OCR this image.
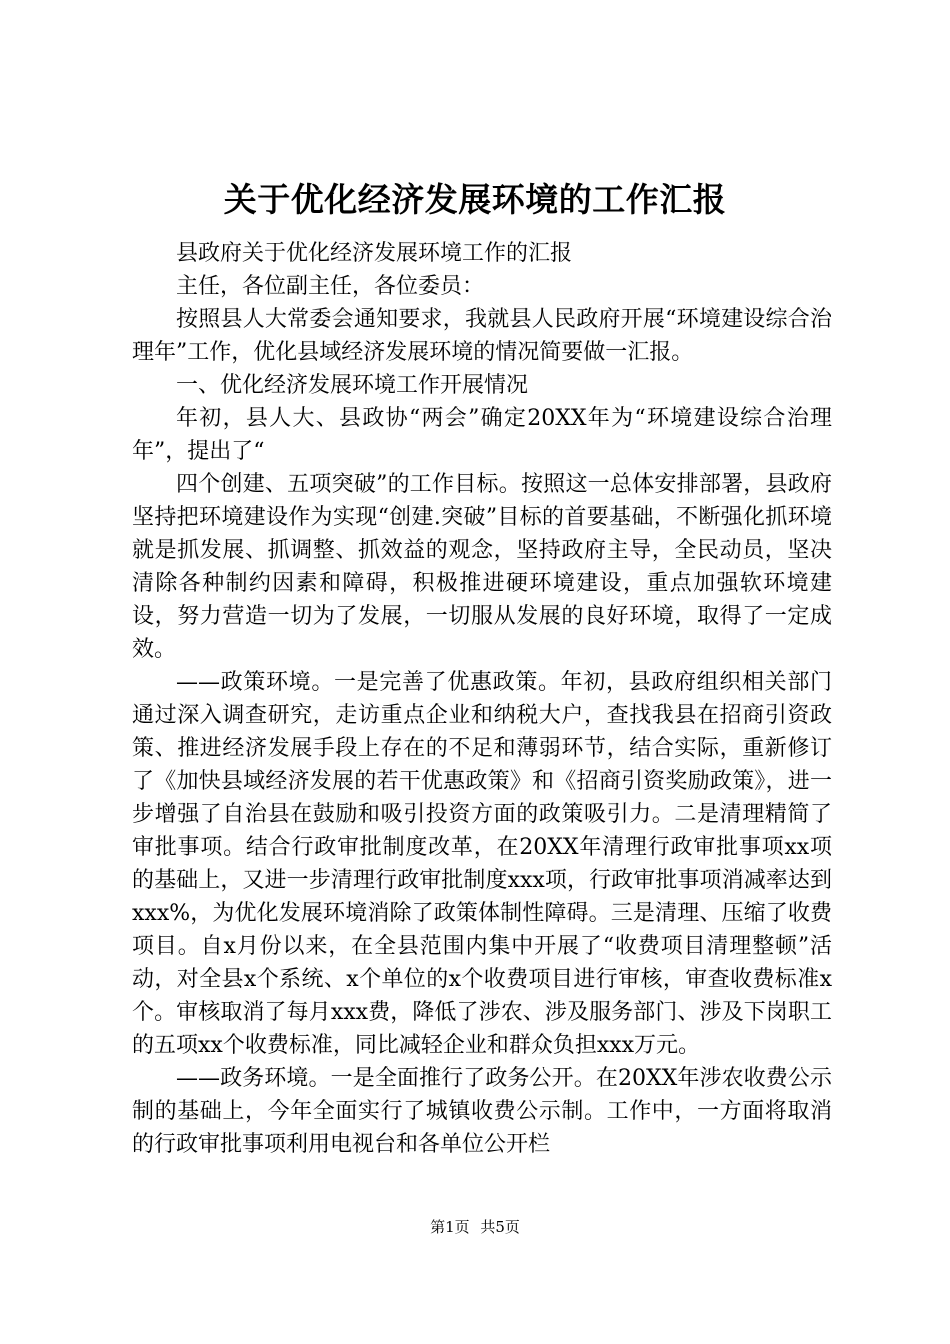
关于优化经济发展环境的工作汇报

县政府关于优化经济发展环境工作的汇报

主任，各位副主任，各位委员：

按照县人大常委会通知要求，我就县人民政府开展“环境建设综合治理年”工作，优化县域经济发展环境的情况简要做一汇报。

一、优化经济发展环境工作开展情况

年初，县人大、县政协“两会”确定20XX年为“环境建设综合治理年”，提出了“

四个创建、五项突破”的工作目标。按照这一总体安排部署，县政府坚持把环境建设作为实现“创建.突破”目标的首要基础，不断强化抓环境就是抓发展、抓调整、抓效益的观念，坚持政府主导，全民动员，坚决清除各种制约因素和障碍，积极推进硬环境建设，重点加强软环境建设，努力营造一切为了发展，一切服从发展的良好环境，取得了一定成效。

——政策环境。一是完善了优惠政策。年初，县政府组织相关部门通过深入调查研究，走访重点企业和纳税大户，查找我县在招商引资政策、推进经济发展手段上存在的不足和薄弱环节，结合实际，重新修订了《加快县域经济发展的若干优惠政策》和《招商引资奖励政策》，进一步增强了自治县在鼓励和吸引投资方面的政策吸引力。二是清理精简了审批事项。结合行政审批制度改革，在20XX年清理行政审批事项xx项的基础上，又进一步清理行政审批制度xxx项，行政审批事项消减率达到xxx%，为优化发展环境消除了政策体制性障碍。三是清理、压缩了收费项目。自x月份以来，在全县范围内集中开展了“收费项目清理整顿”活动，对全县x个系统、x个单位的x个收费项目进行审核，审查收费标准x个。审核取消了每月xxx费，降低了涉农、涉及服务部门、涉及下岗职工的五项xx个收费标准，同比减轻企业和群众负担xxx万元。

——政务环境。一是全面推行了政务公开。在20XX年涉农收费公示制的基础上，今年全面实行了城镇收费公示制。工作中，一方面将取消的行政审批事项利用电视台和各单位公开栏

第1页 共5页
